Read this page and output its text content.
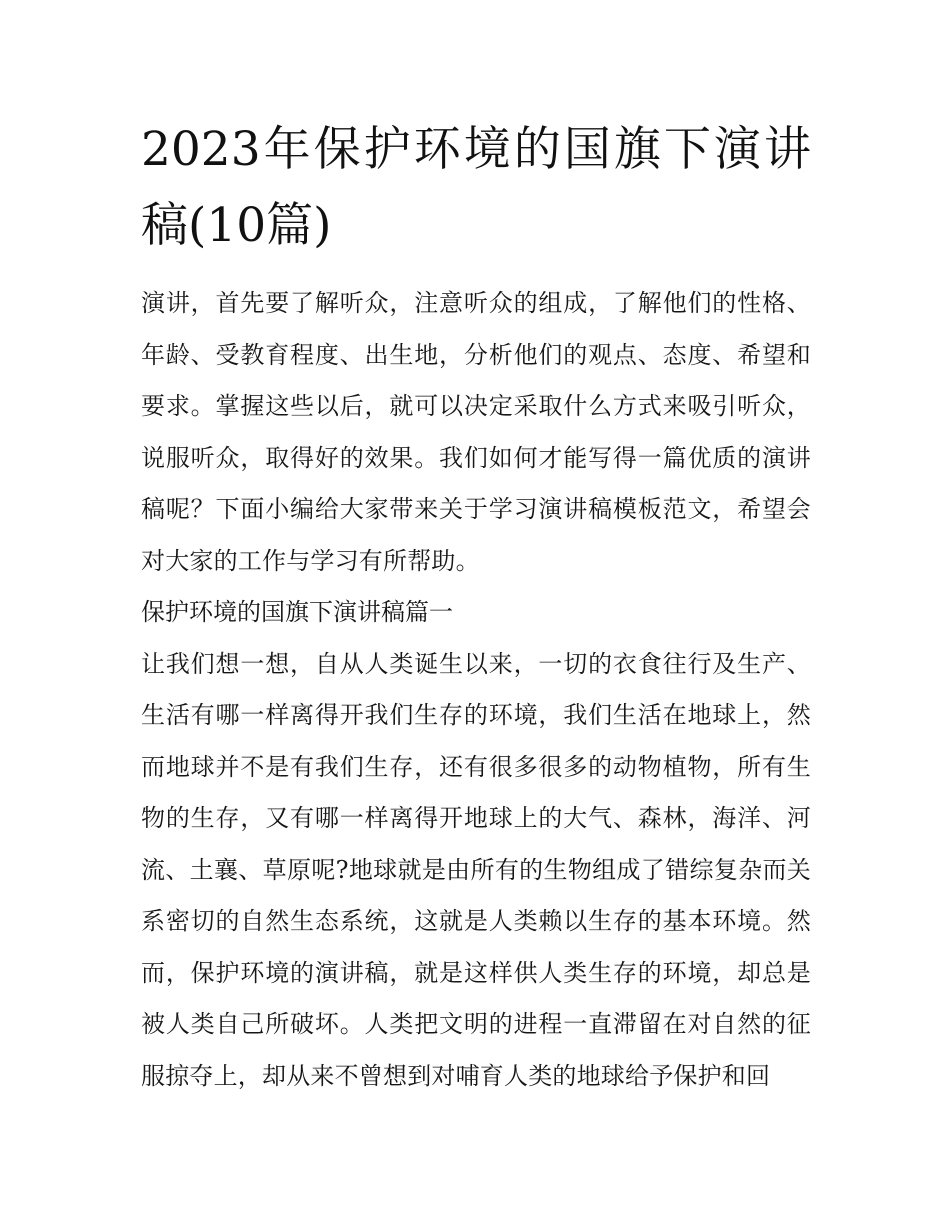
2023年保护环境的国旗下演讲稿(10篇)

演讲，首先要了解听众，注意听众的组成，了解他们的性格、年龄、受教育程度、出生地，分析他们的观点、态度、希望和要求。掌握这些以后，就可以决定采取什么方式来吸引听众，说服听众，取得好的效果。我们如何才能写得一篇优质的演讲稿呢？下面小编给大家带来关于学习演讲稿模板范文，希望会对大家的工作与学习有所帮助。

保护环境的国旗下演讲稿篇一

让我们想一想，自从人类诞生以来，一切的衣食往行及生产、生活有哪一样离得开我们生存的环境，我们生活在地球上，然而地球并不是有我们生存，还有很多很多的动物植物，所有生物的生存，又有哪一样离得开地球上的大气、森林，海洋、河流、土襄、草原呢?地球就是由所有的生物组成了错综复杂而关系密切的自然生态系统，这就是人类赖以生存的基本环境。然而，保护环境的演讲稿，就是这样供人类生存的环境，却总是被人类自己所破坏。人类把文明的进程一直滞留在对自然的征服掠夺上，却从来不曾想到对哺育人类的地球给予保护和回
